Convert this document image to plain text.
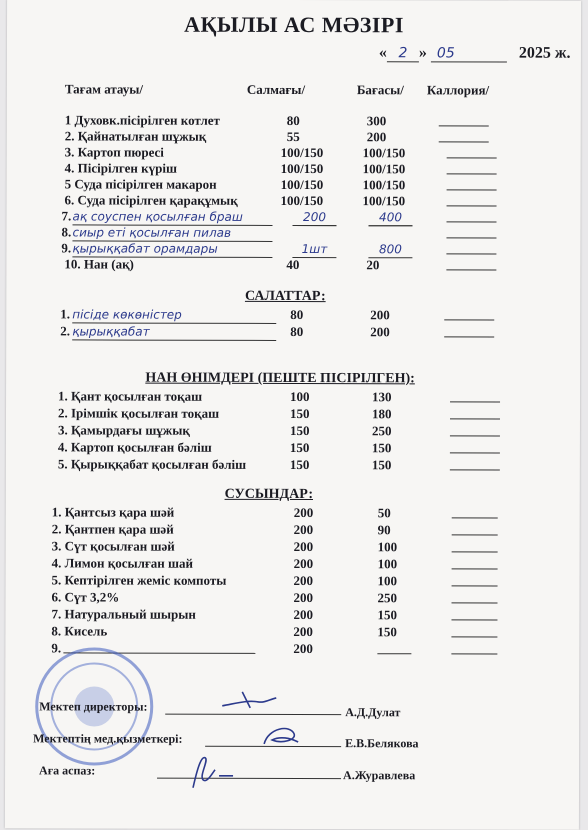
АҚЫЛЫ АС МӘЗІРІ
« 2 » 05	2025 ж.
Тағам атауы/	Салмағы/	Бағасы/ Каллория/
1 Духовк.пісірілген котлет	80	300
2. Қайнатылған шұжық	55	200
3. Картоп пюресі	100/150	100/150
4. Пісірілген күріш	100/150	100/150
5 Суда пісірілген макарон	100/150	100/150
6. Суда пісірілген қарақұмық	100/150	100/150
7. ақ соуспен қосылған браш	200	400
8. сиыр еті қосылған пилав
9. қырыққабат орамдары	1шт	800
10. Нан (ақ)	40	20
САЛАТТАР:
1. пісіде көкөністер	80	200
2. қырыққабат	80	200
НАН ӨНІМДЕРІ (ПЕШТЕ ПІСІРІЛГЕН):
1. Қант қосылған тоқаш	100	130
2. Ірімшік қосылған тоқаш	150	180
3. Қамырдағы шұжық	150	250
4. Картоп қосылған бәліш	150	150
5. Қырыққабат қосылған бәліш	150	150
СУСЫНДАР:
1. Қантсыз қара шәй	200	50
2. Қантпен қара шәй	200	90
3. Сүт қосылған шәй	200	100
4. Лимон қосылған шай	200	100
5. Кептірілген жеміс компоты	200	100
6. Сүт 3,2%	200	250
7. Натуральный шырын	200	150
8. Кисель	200	150
9.	200
Мектеп директоры:	А.Д.Дулат
Мектептің мед.қызметкері:	Е.В.Белякова
Аға аспаз:	А.Журавлева
